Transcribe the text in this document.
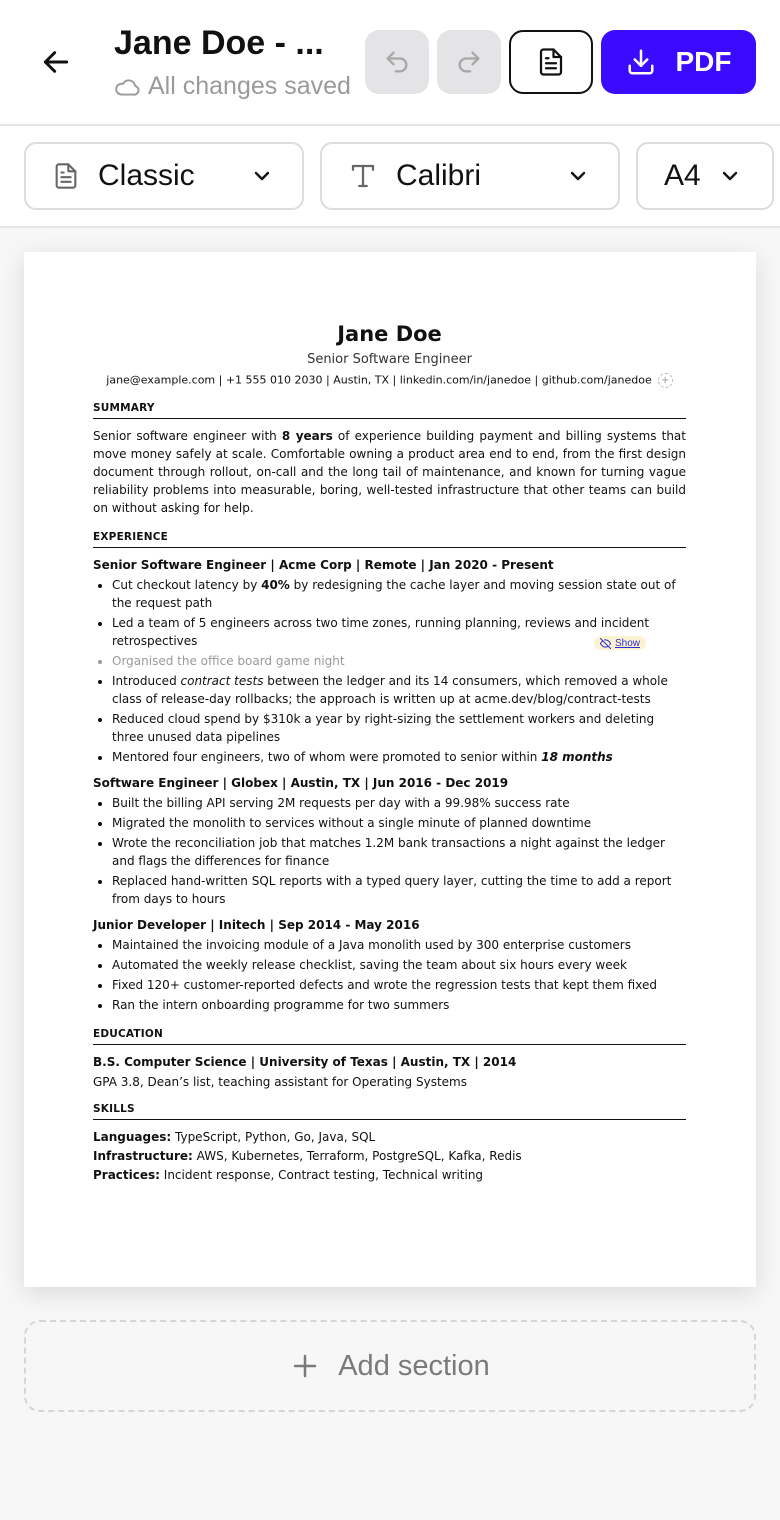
Jane Doe - ...
All changes saved
PDF
Classic	Calibri	A4
Jane Doe
Senior Software Engineer
jane@example.com | +1 555 010 2030 | Austin, TX | linkedin.com/in/janedoe | github.com/janedoe +
SUMMARY
Senior software engineer with 8 years of experience building payment and billing systems that move money safely at scale. Comfortable owning a product area end to end, from the first design document through rollout, on-call and the long tail of maintenance, and known for turning vague reliability problems into measurable, boring, well-tested infrastructure that other teams can build on without asking for help.
EXPERIENCE
Senior Software Engineer | Acme Corp | Remote | Jan 2020 - Present
• Cut checkout latency by 40% by redesigning the cache layer and moving session state out of the request path
• Led a team of 5 engineers across two time zones, running planning, reviews and incident retrospectives
• Organised the office board game night
• Introduced contract tests between the ledger and its 14 consumers, which removed a whole class of release-day rollbacks; the approach is written up at acme.dev/blog/contract-tests
• Reduced cloud spend by $310k a year by right-sizing the settlement workers and deleting three unused data pipelines
• Mentored four engineers, two of whom were promoted to senior within 18 months
Software Engineer | Globex | Austin, TX | Jun 2016 - Dec 2019
• Built the billing API serving 2M requests per day with a 99.98% success rate
• Migrated the monolith to services without a single minute of planned downtime
• Wrote the reconciliation job that matches 1.2M bank transactions a night against the ledger and flags the differences for finance
• Replaced hand-written SQL reports with a typed query layer, cutting the time to add a report from days to hours
Junior Developer | Initech | Sep 2014 - May 2016
• Maintained the invoicing module of a Java monolith used by 300 enterprise customers
• Automated the weekly release checklist, saving the team about six hours every week
• Fixed 120+ customer-reported defects and wrote the regression tests that kept them fixed
• Ran the intern onboarding programme for two summers
EDUCATION
B.S. Computer Science | University of Texas | Austin, TX | 2014
GPA 3.8, Dean’s list, teaching assistant for Operating Systems
SKILLS
Languages: TypeScript, Python, Go, Java, SQL
Infrastructure: AWS, Kubernetes, Terraform, PostgreSQL, Kafka, Redis
Practices: Incident response, Contract testing, Technical writing
Show
Add section
